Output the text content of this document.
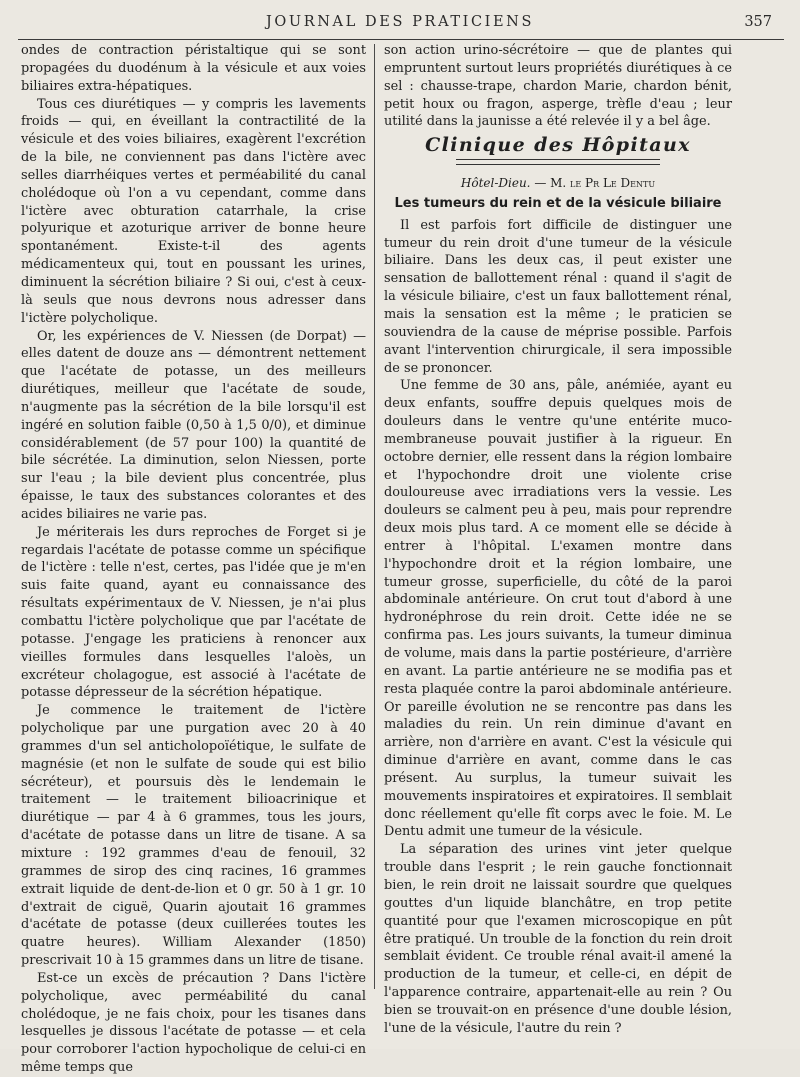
JOURNAL DES PRATICIENS	357

ondes de contraction péristaltique qui se sont propagées du duodénum à la vésicule et aux voies biliaires extra-hépatiques.

Tous ces diurétiques — y compris les lavements froids — qui, en éveillant la contractilité de la vésicule et des voies biliaires, exagèrent l'excrétion de la bile, ne conviennent pas dans l'ictère avec selles diarrhéiques vertes et perméabilité du canal cholédoque où l'on a vu cependant, comme dans l'ictère avec obturation catarrhale, la crise polyurique et azoturique arriver de bonne heure spontanément. Existe-t-il des agents médicamenteux qui, tout en poussant les urines, diminuent la sécrétion biliaire ? Si oui, c'est à ceux-là seuls que nous devrons nous adresser dans l'ictère polycholique.

Or, les expériences de V. Niessen (de Dorpat) — elles datent de douze ans — démontrent nettement que l'acétate de potasse, un des meilleurs diurétiques, meilleur que l'acétate de soude, n'augmente pas la sécrétion de la bile lorsqu'il est ingéré en solution faible (0,50 à 1,5 0/0), et diminue considérablement (de 57 pour 100) la quantité de bile sécrétée. La diminution, selon Niessen, porte sur l'eau ; la bile devient plus concentrée, plus épaisse, le taux des substances colorantes et des acides biliaires ne varie pas.

Je mériterais les durs reproches de Forget si je regardais l'acétate de potasse comme un spécifique de l'ictère : telle n'est, certes, pas l'idée que je m'en suis faite quand, ayant eu connaissance des résultats expérimentaux de V. Niessen, je n'ai plus combattu l'ictère polycholique que par l'acétate de potasse. J'engage les praticiens à renoncer aux vieilles formules dans lesquelles l'aloès, un excréteur cholagogue, est associé à l'acétate de potasse dépresseur de la sécrétion hépatique.

Je commence le traitement de l'ictère polycholique par une purgation avec 20 à 40 grammes d'un sel anticholopoïétique, le sulfate de magnésie (et non le sulfate de soude qui est bilio sécréteur), et poursuis dès le lendemain le traitement — le traitement bilioacrinique et diurétique — par 4 à 6 grammes, tous les jours, d'acétate de potasse dans un litre de tisane. A sa mixture : 192 grammes d'eau de fenouil, 32 grammes de sirop des cinq racines, 16 grammes extrait liquide de dent-de-lion et 0 gr. 50 à 1 gr. 10 d'extrait de ciguë, Quarin ajoutait 16 grammes d'acétate de potasse (deux cuillerées toutes les quatre heures). William Alexander (1850) prescrivait 10 à 15 grammes dans un litre de tisane.

Est-ce un excès de précaution ? Dans l'ictère polycholique, avec perméabilité du canal cholédoque, je ne fais choix, pour les tisanes dans lesquelles je dissous l'acétate de potasse — et cela pour corroborer l'action hypocholique de celui-ci en même temps que

son action urino-sécrétoire — que de plantes qui empruntent surtout leurs propriétés diurétiques à ce sel : chausse-trape, chardon Marie, chardon bénit, petit houx ou fragon, asperge, trèfle d'eau ; leur utilité dans la jaunisse a été relevée il y a bel âge.

Clinique des Hôpitaux
Hôtel-Dieu. — M. le Pr Le Dentu
Les tumeurs du rein et de la vésicule biliaire

Il est parfois fort difficile de distinguer une tumeur du rein droit d'une tumeur de la vésicule biliaire. Dans les deux cas, il peut exister une sensation de ballottement rénal : quand il s'agit de la vésicule biliaire, c'est un faux ballottement rénal, mais la sensation est la même ; le praticien se souviendra de la cause de méprise possible. Parfois avant l'intervention chirurgicale, il sera impossible de se prononcer.

Une femme de 30 ans, pâle, anémiée, ayant eu deux enfants, souffre depuis quelques mois de douleurs dans le ventre qu'une entérite muco-membraneuse pouvait justifier à la rigueur. En octobre dernier, elle ressent dans la région lombaire et l'hypochondre droit une violente crise douloureuse avec irradiations vers la vessie. Les douleurs se calment peu à peu, mais pour reprendre deux mois plus tard. A ce moment elle se décide à entrer à l'hôpital. L'examen montre dans l'hypochondre droit et la région lombaire, une tumeur grosse, superficielle, du côté de la paroi abdominale antérieure. On crut tout d'abord à une hydronéphrose du rein droit. Cette idée ne se confirma pas. Les jours suivants, la tumeur diminua de volume, mais dans la partie postérieure, d'arrière en avant. La partie antérieure ne se modifia pas et resta plaquée contre la paroi abdominale antérieure. Or pareille évolution ne se rencontre pas dans les maladies du rein. Un rein diminue d'avant en arrière, non d'arrière en avant. C'est la vésicule qui diminue d'arrière en avant, comme dans le cas présent. Au surplus, la tumeur suivait les mouvements inspiratoires et expiratoires. Il semblait donc réellement qu'elle fît corps avec le foie. M. Le Dentu admit une tumeur de la vésicule.

La séparation des urines vint jeter quelque trouble dans l'esprit ; le rein gauche fonctionnait bien, le rein droit ne laissait sourdre que quelques gouttes d'un liquide blanchâtre, en trop petite quantité pour que l'examen microscopique en pût être pratiqué. Un trouble de la fonction du rein droit semblait évident. Ce trouble rénal avait-il amené la production de la tumeur, et celle-ci, en dépit de l'apparence contraire, appartenait-elle au rein ? Ou bien se trouvait-on en présence d'une double lésion, l'une de la vésicule, l'autre du rein ?
